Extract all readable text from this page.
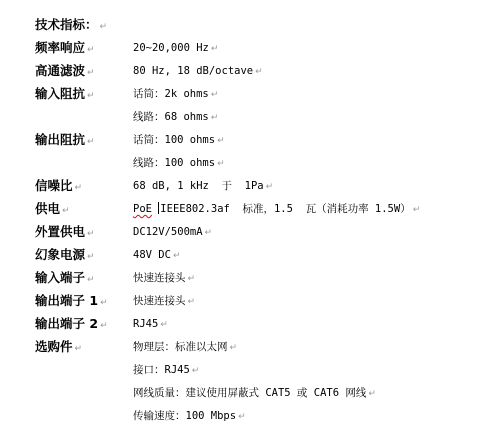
技术指标： ↵
频率响应 ↵	20~20,000 Hz ↵
高通滤波 ↵	80 Hz, 18 dB/octave ↵
输入阻抗 ↵	话筒：2k ohms ↵
线路：68 ohms ↵
输出阻抗 ↵	话筒：100 ohms ↵
线路：100 ohms ↵
信噪比 ↵	68 dB, 1 kHz  于  1Pa ↵
供电 ↵	PoE IEEE802.3af  标准，1.5  瓦（消耗功率 1.5W） ↵
外置供电 ↵	DC12V/500mA ↵
幻象电源 ↵	48V DC ↵
输入端子 ↵	快速连接头 ↵
输出端子 1 ↵ 快速连接头 ↵
输出端子 2 ↵ RJ45 ↵
选购件 ↵	物理层：标准以太网 ↵
接口：RJ45 ↵
网线质量：建议使用屏蔽式 CAT5 或 CAT6 网线 ↵
传输速度：100 Mbps ↵
